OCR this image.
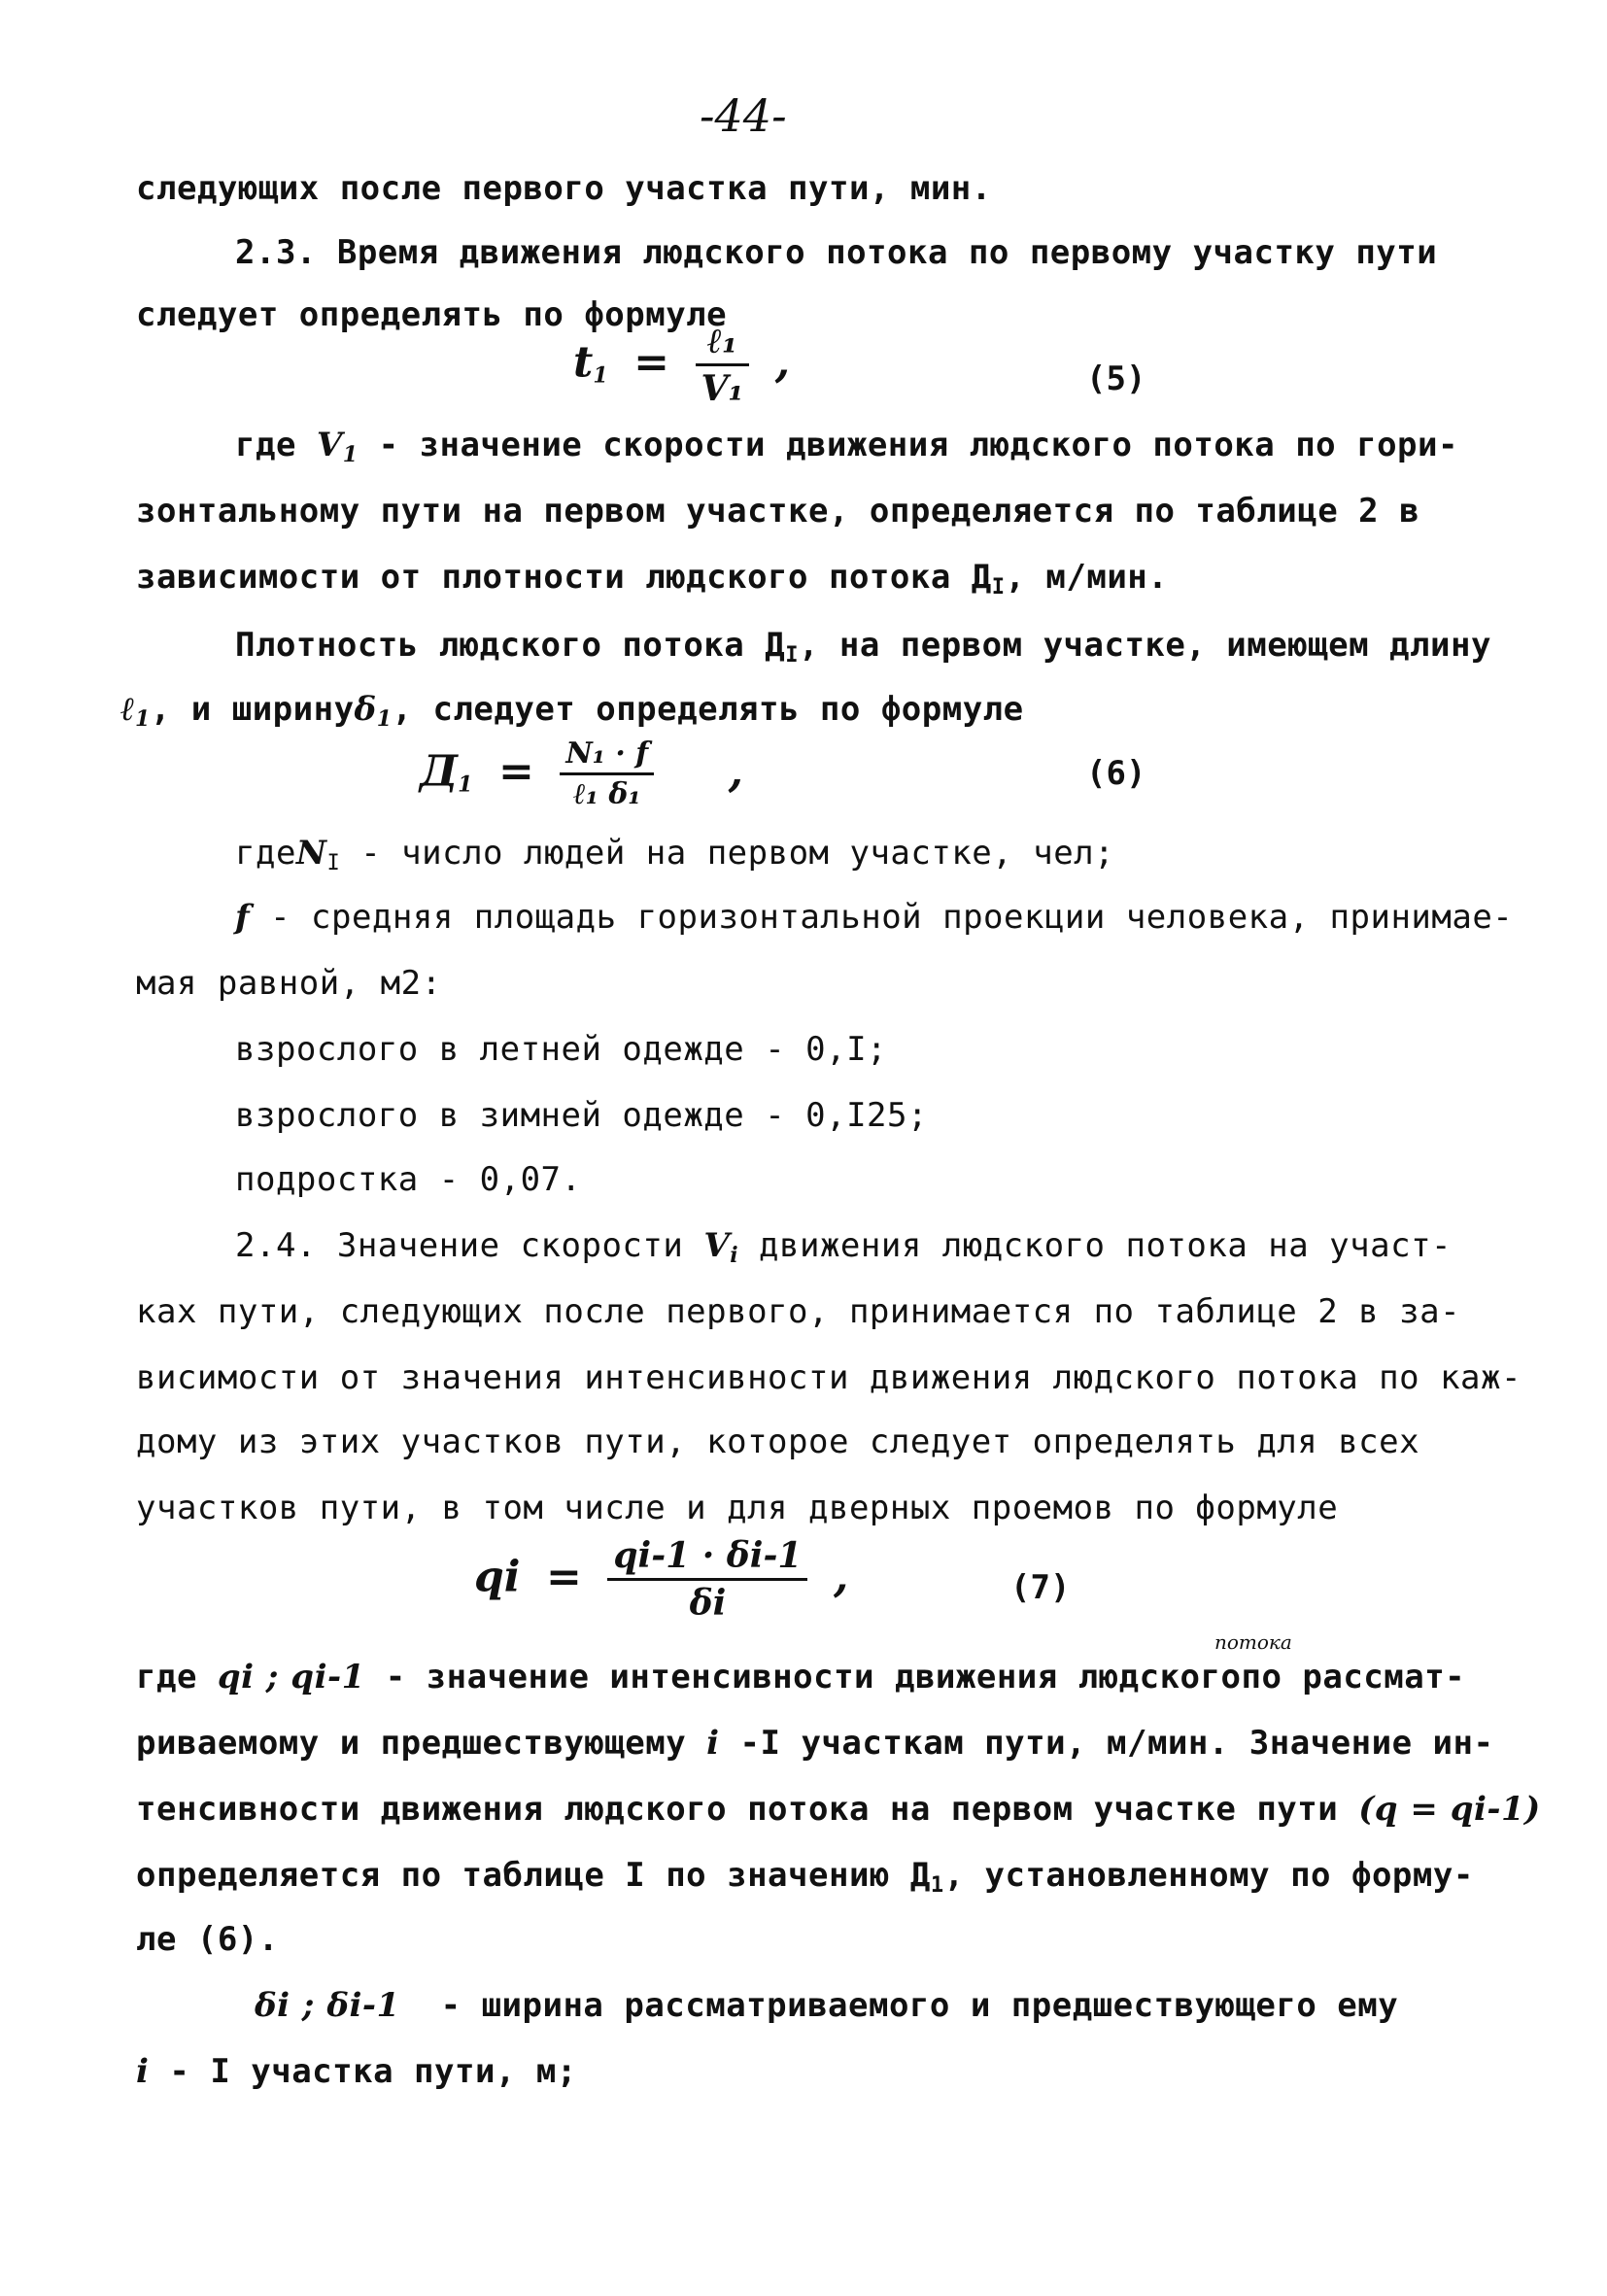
-44-
следующих после первого участка пути, мин.
2.3. Время движения людского потока по первому участку пути
следует определять по формуле
$t_1 = \frac{\text{ℓ₁}}{\text{V₁}}$ ,	(5)
где $V_1$ - значение скорости движения людского потока по гори-
зонтальному пути на первом участке, определяется по таблице 2 в
зависимости от плотности людского потока $Д_I$, м/мин.
Плотность людского потока $Д_I$, на первом участке, имеющем длину
ℓ$_1$, и ширинуδ$_1$, следует определять по формуле
$Д_1 = \frac{\text{N₁ · f}}{\text{ℓ₁ δ₁}}$ ,	(6)
гдеN$_I$ - число людей на первом участке, чел;
f - средняя площадь горизонтальной проекции человека, принимае-
мая равной, м2:
взрослого в летней одежде - 0,I;
взрослого в зимней одежде - 0,I25;
подростка - 0,07.
2.4. Значение скорости $V_i$ движения людского потока на участ-
ках пути, следующих после первого, принимается по таблице 2 в за-
висимости от значения интенсивности движения людского потока по каж-
дому из этих участков пути, которое следует определять для всех
участков пути, в том числе и для дверных проемов по формуле
qi = $\frac{qi-1 \cdot \delta i-1}{\delta i}$ ,	(7)
потока
где qi ; qi-1 - значение интенсивности движения людскогопо рассмат-
риваемому и предшествующему i -I участкам пути, м/мин. Значение ин-
тенсивности движения людского потока на первом участке пути (q = qi-1)
определяется по таблице I по значению $Д_1$, установленному по форму-
ле (6).
δi ; δi-1  - ширина рассматриваемого и предшествующего ему
i - I участка пути, м;
